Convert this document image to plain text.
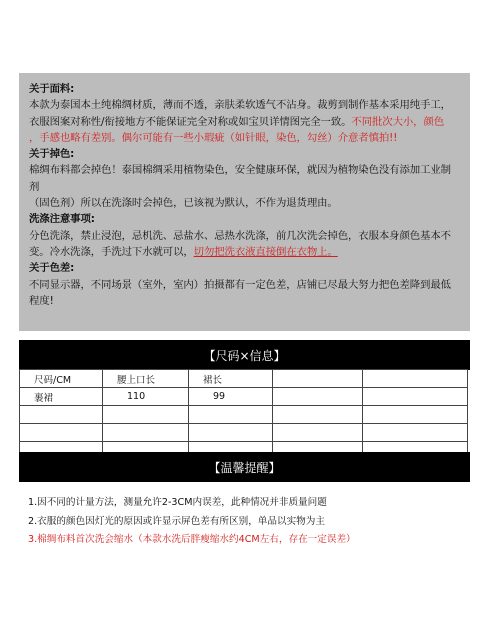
关于面料:

本款为泰国本土纯棉绸材质，薄而不透，亲肤柔软透气不沾身。裁剪到制作基本采用纯手工，

衣服图案对称性/衔接地方不能保证完全对称或如宝贝详情图完全一致。不同批次大小，颜色

，手感也略有差别。偶尔可能有一些小瑕疵（如针眼，染色，勾丝）介意者慎拍!!

关于掉色:

棉绸布料都会掉色！泰国棉绸采用植物染色，安全健康环保，就因为植物染色没有添加工业制剂

（固色剂）所以在洗涤时会掉色，已该视为默认，不作为退货理由。

洗涤注意事项:

分色洗涤，禁止浸泡，忌机洗、忌盐水、忌热水洗涤，前几次洗会掉色，衣服本身颜色基本不

变。冷水洗涤，手洗过下水就可以，切勿把洗衣液直接倒在衣物上。

关于色差:

不同显示器，不同场景（室外，室内）拍摄都有一定色差，店铺已尽最大努力把色差降到最低

程度!

【尺码×信息】
尺码/CM	腰上口长	裙长		
裹裙	110	99		

【温馨提醒】
1.因不同的计量方法，测量允许2-3CM内误差，此种情况并非质量问题
2.衣服的颜色因灯光的原因或许显示屏色差有所区别，单品以实物为主
3.棉绸布料首次洗会缩水（本款水洗后胖瘦缩水约4CM左右，存在一定误差）
